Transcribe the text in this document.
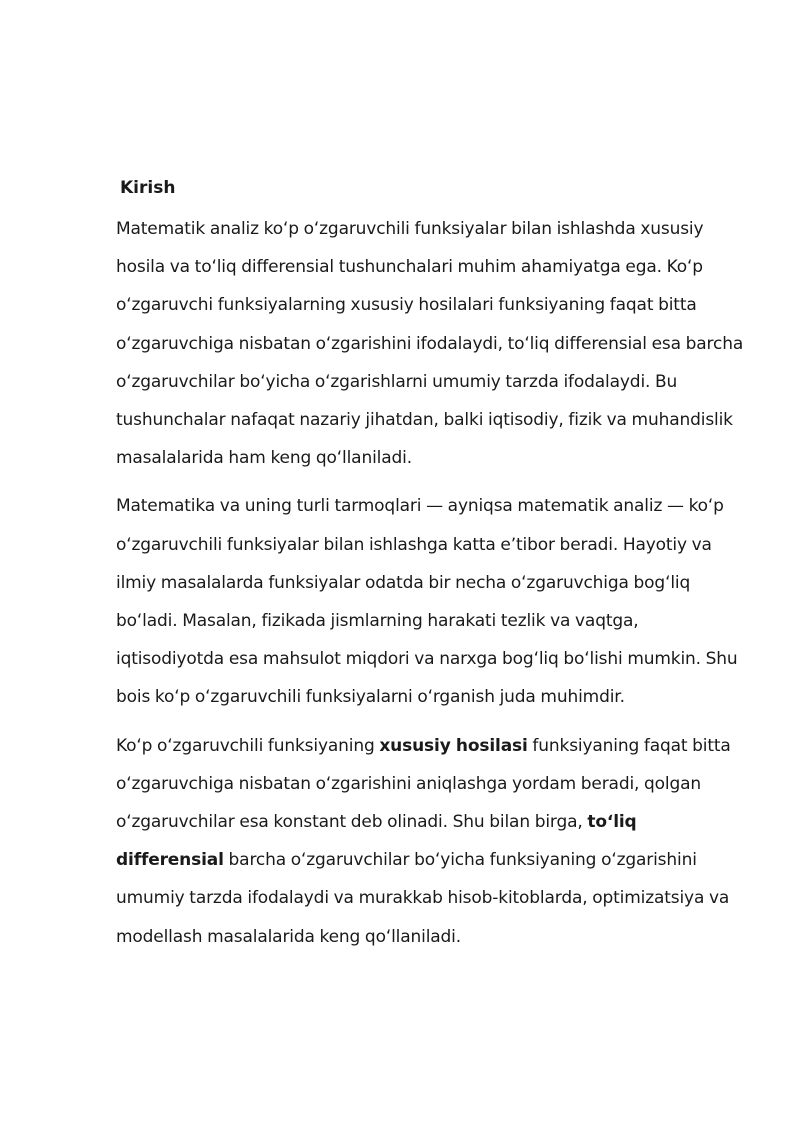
Kirish

Matematik analiz koʻp oʻzgaruvchili funksiyalar bilan ishlashda xususiy hosila va toʻliq differensial tushunchalari muhim ahamiyatga ega. Koʻp oʻzgaruvchi funksiyalarning xususiy hosilalari funksiyaning faqat bitta oʻzgaruvchiga nisbatan oʻzgarishini ifodalaydi, toʻliq differensial esa barcha oʻzgaruvchilar boʻyicha oʻzgarishlarni umumiy tarzda ifodalaydi. Bu tushunchalar nafaqat nazariy jihatdan, balki iqtisodiy, fizik va muhandislik masalalarida ham keng qoʻllaniladi.

Matematika va uning turli tarmoqlari — ayniqsa matematik analiz — koʻp oʻzgaruvchili funksiyalar bilan ishlashga katta eʼtibor beradi. Hayotiy va ilmiy masalalarda funksiyalar odatda bir necha oʻzgaruvchiga bogʻliq boʻladi. Masalan, fizikada jismlarning harakati tezlik va vaqtga, iqtisodiyotda esa mahsulot miqdori va narxga bogʻliq boʻlishi mumkin. Shu bois koʻp oʻzgaruvchili funksiyalarni oʻrganish juda muhimdir.

Koʻp oʻzgaruvchili funksiyaning xususiy hosilasi funksiyaning faqat bitta oʻzgaruvchiga nisbatan oʻzgarishini aniqlashga yordam beradi, qolgan oʻzgaruvchilar esa konstant deb olinadi. Shu bilan birga, toʻliq differensial barcha oʻzgaruvchilar boʻyicha funksiyaning oʻzgarishini umumiy tarzda ifodalaydi va murakkab hisob-kitoblarda, optimizatsiya va modellash masalalarida keng qoʻllaniladi.
